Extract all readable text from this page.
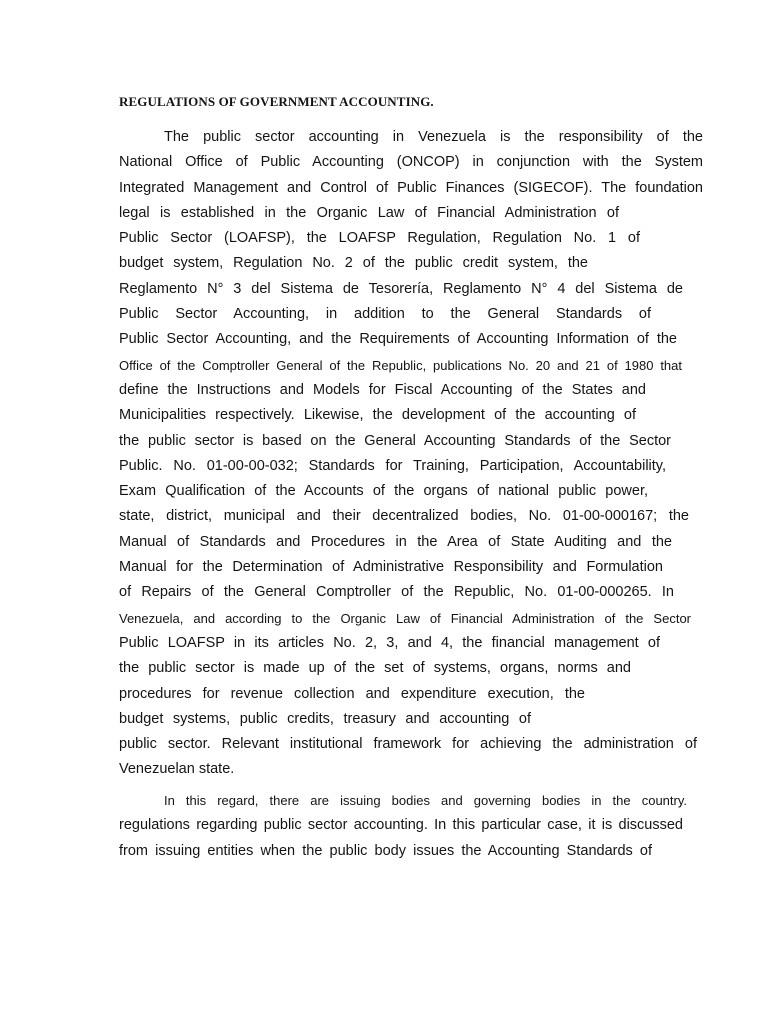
REGULATIONS OF GOVERNMENT ACCOUNTING.
The public sector accounting in Venezuela is the responsibility of the
National Office of Public Accounting (ONCOP) in conjunction with the System
Integrated Management and Control of Public Finances (SIGECOF). The foundation
legal is established in the Organic Law of Financial Administration of
Public Sector (LOAFSP), the LOAFSP Regulation, Regulation No. 1 of
budget system, Regulation No. 2 of the public credit system, the
Reglamento N° 3 del Sistema de Tesorería, Reglamento N° 4 del Sistema de
Public Sector Accounting, in addition to the General Standards of
Public Sector Accounting, and the Requirements of Accounting Information of the
Office of the Comptroller General of the Republic, publications No. 20 and 21 of 1980 that
define the Instructions and Models for Fiscal Accounting of the States and
Municipalities respectively. Likewise, the development of the accounting of
the public sector is based on the General Accounting Standards of the Sector
Public. No. 01-00-00-032; Standards for Training, Participation, Accountability,
Exam Qualification of the Accounts of the organs of national public power,
state, district, municipal and their decentralized bodies, No. 01-00-000167; the
Manual of Standards and Procedures in the Area of State Auditing and the
Manual for the Determination of Administrative Responsibility and Formulation
of Repairs of the General Comptroller of the Republic, No. 01-00-000265. In
Venezuela, and according to the Organic Law of Financial Administration of the Sector
Public LOAFSP in its articles No. 2, 3, and 4, the financial management of
the public sector is made up of the set of systems, organs, norms and
procedures for revenue collection and expenditure execution, the
budget systems, public credits, treasury and accounting of
public sector. Relevant institutional framework for achieving the administration of
Venezuelan state.
In this regard, there are issuing bodies and governing bodies in the country.
regulations regarding public sector accounting. In this particular case, it is discussed
from issuing entities when the public body issues the Accounting Standards of
